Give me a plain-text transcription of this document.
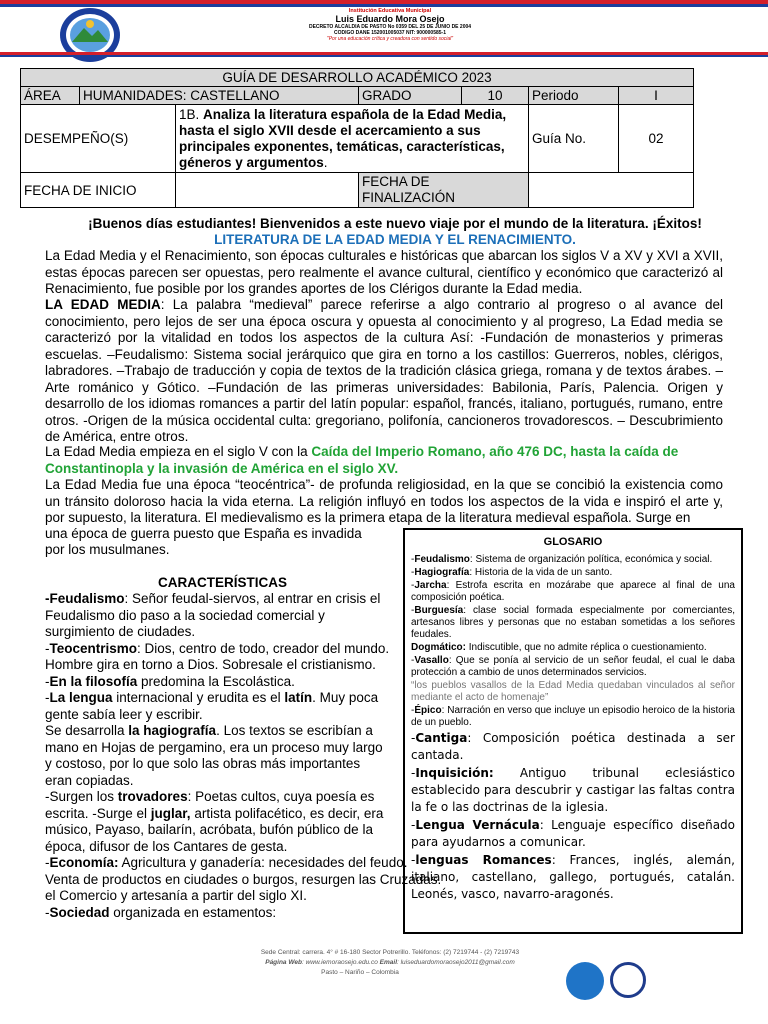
Institución Educativa Municipal
Luis Eduardo Mora Osejo
DECRETO ALCALDIA DE PASTO No 0359 DEL 25 DE JUNIO DE 2004
CODIGO DANE 152001005037 NIT: 900000585-1
"Por una educación crítica y creadora con sentido social"
GUÍA DE DESARROLLO ACADÉMICO 2023						
ÁREA	HUMANIDADES: CASTELLANO		GRADO	10	Periodo	I
DESEMPEÑO(S)		1B. Analiza la literatura española de la Edad Media, hasta el siglo XVII desde el acercamiento a sus principales exponentes, temáticas, características, géneros y argumentos.			Guía No.	02
FECHA DE INICIO			FECHA DE FINALIZACIÓN			
¡Buenos días estudiantes! Bienvenidos a este nuevo viaje por el mundo de la literatura. ¡Éxitos!
LITERATURA DE LA EDAD MEDIA Y EL RENACIMIENTO.
La Edad Media y el Renacimiento, son épocas culturales e históricas que abarcan los siglos V a XV y XVI a XVII, estas épocas parecen ser opuestas, pero realmente el avance cultural, científico y económico que caracterizó al Renacimiento, fue posible por los grandes aportes de los Clérigos durante la Edad media.
LA EDAD MEDIA: La palabra “medieval” parece referirse a algo contrario al progreso o al avance del conocimiento, pero lejos de ser una época oscura y opuesta al conocimiento y al progreso, La Edad media se caracterizó por la vitalidad en todos los aspectos de la cultura Así: -Fundación de monasterios y primeras escuelas. –Feudalismo: Sistema social jerárquico que gira en torno a los castillos: Guerreros, nobles, clérigos, labradores. –Trabajo de traducción y copia de textos de la tradición clásica griega, romana y de textos árabes. –Arte románico y Gótico. –Fundación de las primeras universidades: Babilonia, París, Palencia. Origen y desarrollo de los idiomas romances a partir del latín popular: español, francés, italiano, portugués, rumano, entre otros. -Origen de la música occidental culta: gregoriano, polifonía, cancioneros trovadorescos. – Descubrimiento de América, entre otros.
La Edad Media empieza en el siglo V con la Caída del Imperio Romano, año 476 DC, hasta la caída de Constantinopla y la invasión de América en el siglo XV.
La Edad Media fue una época “teocéntrica”- de profunda religiosidad, en la que se concibió la existencia como un tránsito doloroso hacia la vida eterna. La religión influyó en todos los aspectos de la vida e inspiró el arte y, por supuesto, la literatura. El medievalismo es la primera etapa de la literatura medieval española. Surge en
una época de guerra puesto que España es invadida
por los musulmanes.
CARACTERÍSTICAS
-Feudalismo: Señor feudal-siervos, al entrar en crisis el
Feudalismo dio paso a la sociedad comercial y
surgimiento de ciudades.
-Teocentrismo: Dios, centro de todo, creador del mundo.
Hombre gira en torno a Dios. Sobresale el cristianismo.
-En la filosofía predomina la Escolástica.
-La lengua internacional y erudita es el latín. Muy poca
gente sabía leer y escribir.
Se desarrolla la hagiografía. Los textos se escribían a
mano en Hojas de pergamino, era un proceso muy largo
y costoso, por lo que solo las obras más importantes
eran copiadas.
-Surgen los trovadores: Poetas cultos, cuya poesía es
escrita. -Surge el juglar, artista polifacético, es decir, era
músico, Payaso, bailarín, acróbata, bufón público de la
época, difusor de los Cantares de gesta.
-Economía: Agricultura y ganadería: necesidades del feudo.
Venta de productos en ciudades o burgos, resurgen las Cruzadas.
el Comercio y artesanía a partir del siglo XI.
-Sociedad organizada en estamentos:
GLOSARIO

-Feudalismo: Sistema de organización política, económica y social.

-Hagiografía: Historia de la vida de un santo.

-Jarcha: Estrofa escrita en mozárabe que aparece al final de una composición poética.

-Burguesía: clase social formada especialmente por comerciantes, artesanos libres y personas que no estaban sometidas a los señores feudales.

Dogmático: Indiscutible, que no admite réplica o cuestionamiento.

-Vasallo: Que se ponía al servicio de un señor feudal, el cual le daba protección a cambio de unos determinados servicios.

“los pueblos vasallos de la Edad Media quedaban vinculados al señor mediante el acto de homenaje”

-Épico: Narración en verso que incluye un episodio heroico de la historia de un pueblo.

-Cantiga: Composición poética destinada a ser cantada.

-Inquisición: Antiguo tribunal eclesiástico establecido para descubrir y castigar las faltas contra la fe o las doctrinas de la iglesia.

-Lengua Vernácula: Lenguaje específico diseñado para ayudarnos a comunicar.

-lenguas Romances: Frances, inglés, alemán, italiano, castellano, gallego, portugués, catalán. Leonés, vasco, navarro-aragonés.

Sede Central: carrera. 4° # 16-180 Sector Potrerillo. Teléfonos: (2) 7219744 - (2) 7219743
Página Web: www.iemoraosejo.edu.co Email: luiseduardomoraosejo2011@gmail.com
Pasto – Nariño – Colombia
